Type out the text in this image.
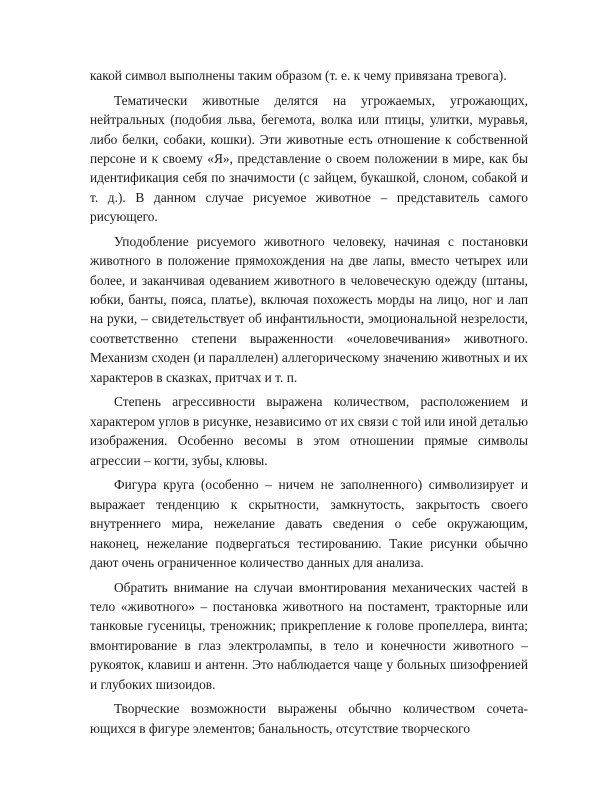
какой символ выполнены таким образом (т. е. к чему привязана тревога).

Тематически животные делятся на угрожаемых, угрожающих, нейтральных (подобия льва, бегемота, волка или птицы, улитки, муравья, либо белки, собаки, кошки). Эти животные есть отношение к собственной персоне и к своему «Я», представление о своем положении в мире, как бы идентификация себя по значимости (с зайцем, букашкой, слоном, собакой и т. д.). В данном случае рисуемое животное – представитель самого рисующего.

Уподобление рисуемого животного человеку, начиная с постановки животного в положение прямохождения на две лапы, вместо четырех или более, и заканчивая одеванием животного в человеческую одежду (штаны, юбки, банты, пояса, платье), включая похожесть морды на лицо, ног и лап на руки, – свидетельствует об инфантильности, эмоциональной незрелости, соответственно степени выраженности «очеловечивания» животного. Механизм сходен (и параллелен) аллегорическому значению животных и их характеров в сказках, притчах и т. п.

Степень агрессивности выражена количеством, расположением и характером углов в рисунке, независимо от их связи с той или иной деталью изображения. Особенно весомы в этом отношении прямые символы агрессии – когти, зубы, клювы.

Фигура круга (особенно – ничем не заполненного) символизирует и выражает тенденцию к скрытности, замкнутость, закрытость своего внутреннего мира, нежелание давать сведения о себе окружающим, наконец, нежелание подвергаться тестированию. Такие рисунки обычно дают очень ограниченное количество данных для анализа.

Обратить внимание на случаи вмонтирования механических частей в тело «животного» – постановка животного на постамент, тракторные или танковые гусеницы, треножник; прикрепление к голове пропеллера, винта; вмонтирование в глаз электролампы, в тело и конечности животного – рукояток, клавиш и антенн. Это наблюдается чаще у больных шизофренией и глубоких шизоидов.

Творческие возможности выражены обычно количеством сочета-ющихся в фигуре элементов; банальность, отсутствие творческого
